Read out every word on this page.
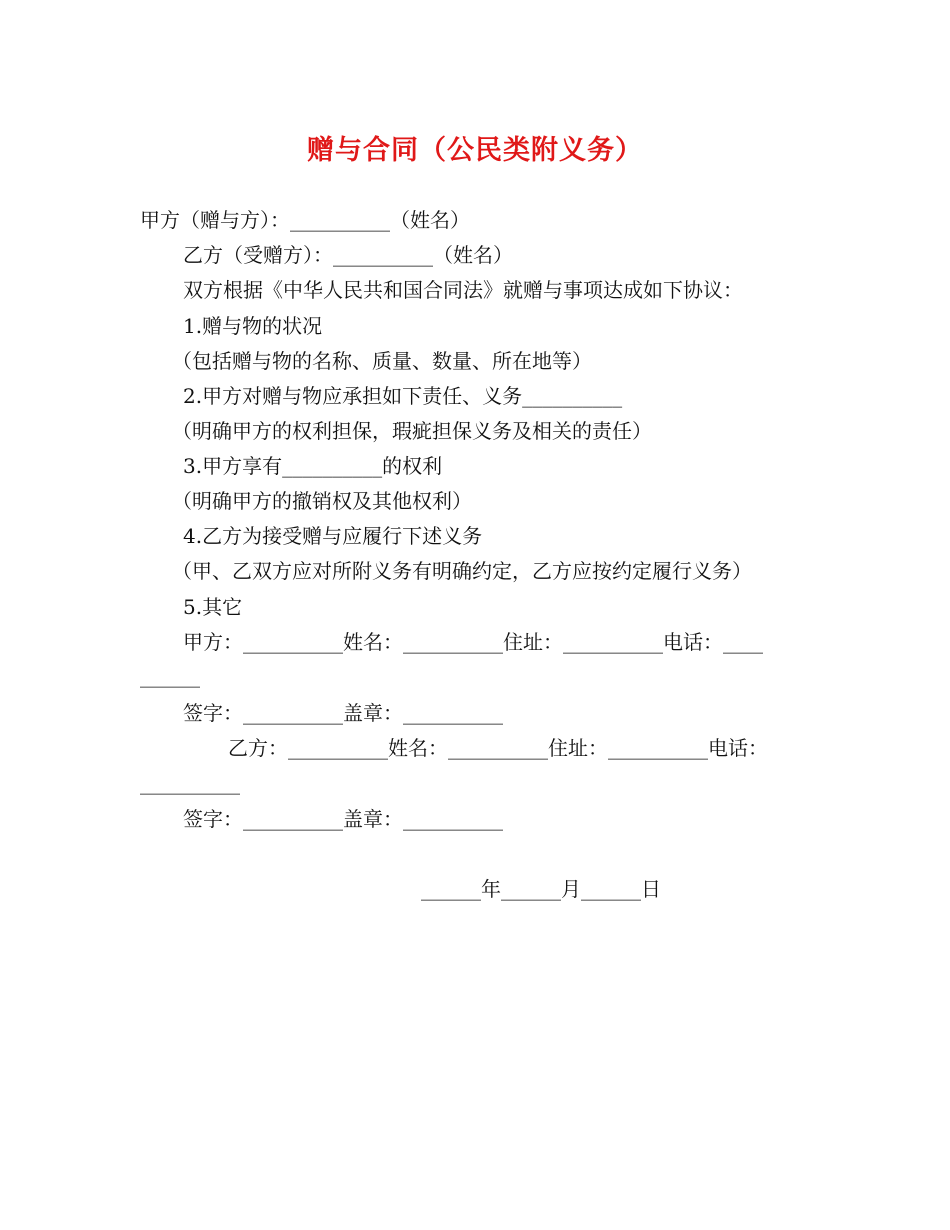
赠与合同（公民类附义务）
甲方（赠与方）：__________（姓名）
乙方（受赠方）：__________（姓名）
双方根据《中华人民共和国合同法》就赠与事项达成如下协议：
1.赠与物的状况
（包括赠与物的名称、质量、数量、所在地等）
2.甲方对赠与物应承担如下责任、义务__________
（明确甲方的权利担保，瑕疵担保义务及相关的责任）
3.甲方享有__________的权利
（明确甲方的撤销权及其他权利）
4.乙方为接受赠与应履行下述义务
（甲、乙双方应对所附义务有明确约定，乙方应按约定履行义务）
5.其它
甲方：__________姓名：__________住址：__________电话：____
______
签字：__________盖章：__________
乙方：__________姓名：__________住址：__________电话：
__________
签字：__________盖章：__________
______年______月______日
